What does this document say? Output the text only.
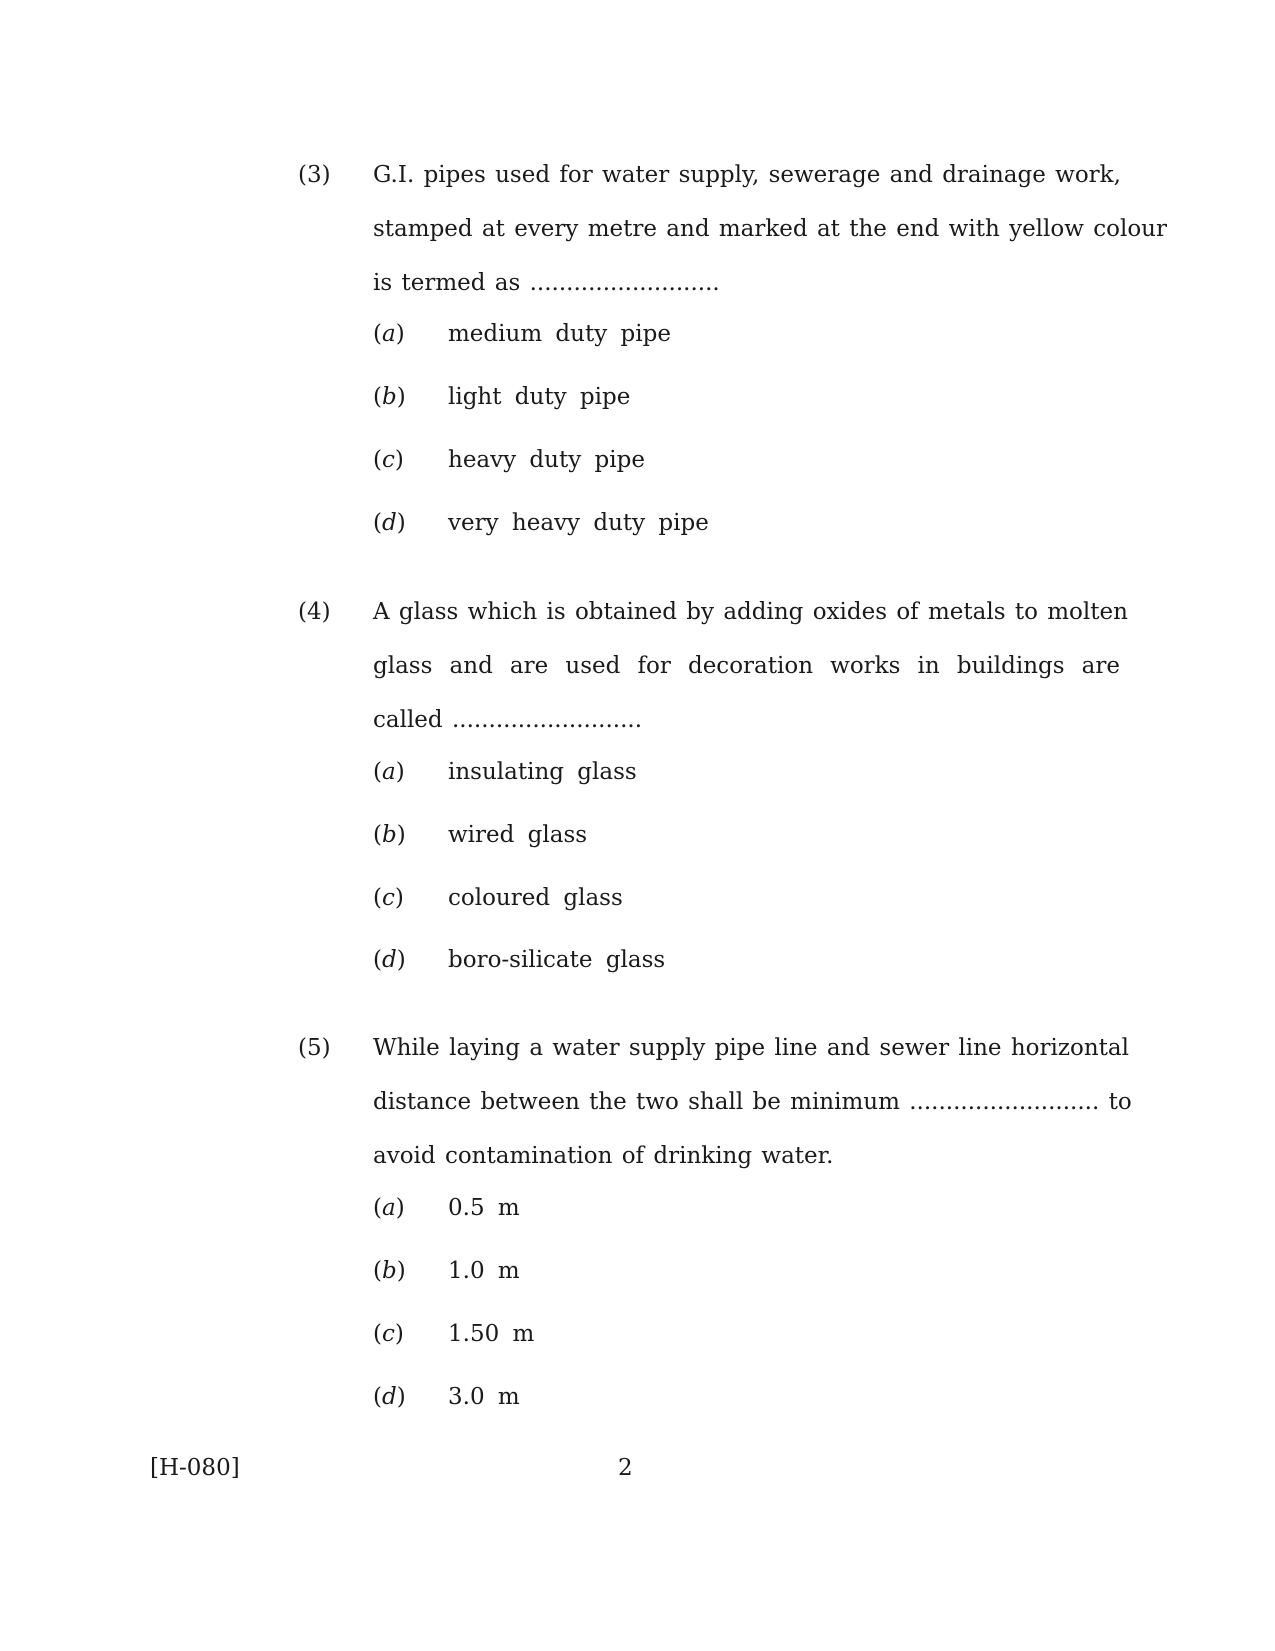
(3) G.I. pipes used for water supply, sewerage and drainage work,
stamped at every metre and marked at the end with yellow colour
is termed as ..........................
(a)	medium duty pipe
(b)	light duty pipe
(c)	heavy duty pipe
(d)	very heavy duty pipe
(4) A glass which is obtained by adding oxides of metals to molten
glass and are used for decoration works in buildings are
called ..........................
(a)	insulating glass
(b)	wired glass
(c)	coloured glass
(d)	boro-silicate glass
(5) While laying a water supply pipe line and sewer line horizontal
distance between the two shall be minimum .......................... to
avoid contamination of drinking water.
(a)	0.5 m
(b)	1.0 m
(c)	1.50 m
(d)	3.0 m
[H-080]	2
